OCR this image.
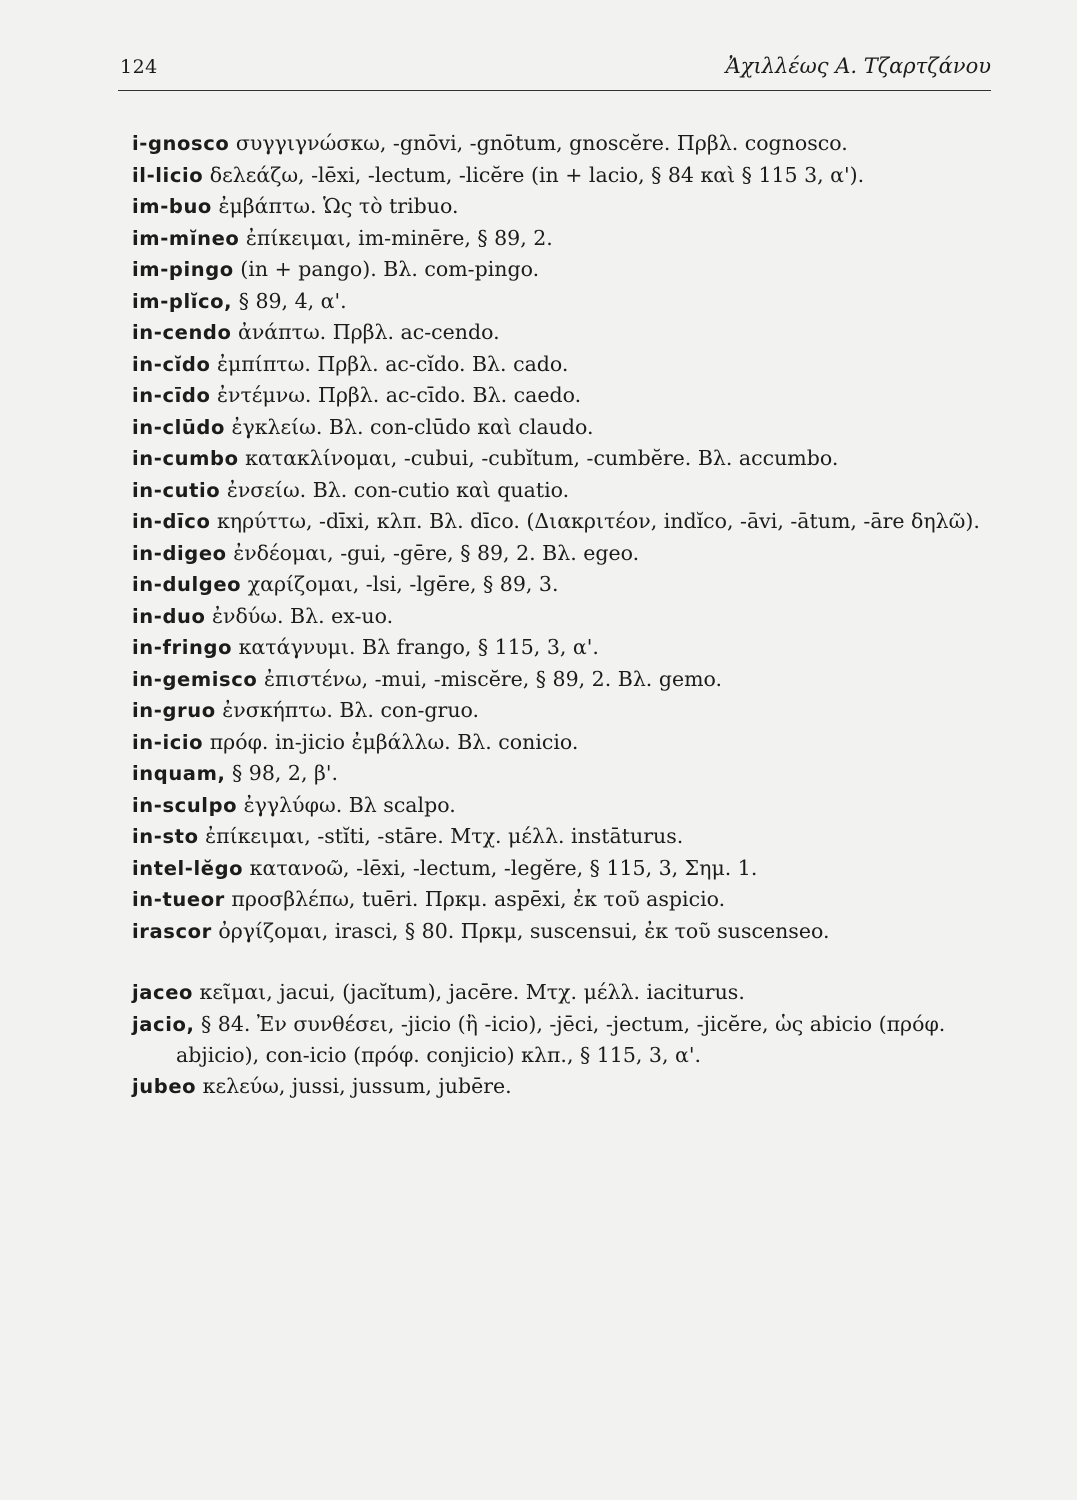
124	Ἀχιλλέως Α. Τζαρτζάνου
i-gnosco συγγιγνώσκω, -gnōvi, -gnōtum, gnoscĕre. Πρβλ. cognosco.
il-licio δελεάζω, -lēxi, -lectum, -licĕre (in + lacio, § 84 καὶ § 115 3, α').
im-buo ἐμβάπτω. Ὡς τὸ tribuo.
im-mĭneo ἐπίκειμαι, im-minēre, § 89, 2.
im-pingo (in + pango). Βλ. com-pingo.
im-plĭco, § 89, 4, α'.
in-cendo ἀνάπτω. Πρβλ. ac-cendo.
in-cĭdo ἐμπίπτω. Πρβλ. ac-cĭdo. Βλ. cado.
in-cīdo ἐντέμνω. Πρβλ. ac-cīdo. Βλ. caedo.
in-clūdo ἐγκλείω. Βλ. con-clūdo καὶ claudo.
in-cumbo κατακλίνομαι, -cubui, -cubĭtum, -cumbĕre. Βλ. accumbo.
in-cutio ἐνσείω. Βλ. con-cutio καὶ quatio.
in-dīco κηρύττω, -dīxi, κλπ. Βλ. dīco. (Διακριτέον, indĭco, -āvi, -ātum, -āre δηλῶ).
in-digeo ἐνδέομαι, -gui, -gēre, § 89, 2. Βλ. egeo.
in-dulgeo χαρίζομαι, -lsi, -lgēre, § 89, 3.
in-duo ἐνδύω. Βλ. ex-uo.
in-fringo κατάγνυμι. Βλ frango, § 115, 3, α'.
in-gemisco ἐπιστένω, -mui, -miscĕre, § 89, 2. Βλ. gemo.
in-gruo ἐνσκήπτω. Βλ. con-gruo.
in-icio πρόφ. in-jicio ἐμβάλλω. Βλ. conicio.
inquam, § 98, 2, β'.
in-sculpo ἐγγλύφω. Βλ scalpo.
in-sto ἐπίκειμαι, -stĭti, -stāre. Μτχ. μέλλ. instāturus.
intel-lĕgo κατανοῶ, -lēxi, -lectum, -legĕre, § 115, 3, Σημ. 1.
in-tueor προσβλέπω, tuēri. Πρκμ. aspēxi, ἐκ τοῦ aspicio.
irascor ὀργίζομαι, irasci, § 80. Πρκμ, suscensui, ἐκ τοῦ suscenseo.
jaceo κεῖμαι, jacui, (jacĭtum), jacēre. Μτχ. μέλλ. iaciturus.
jacio, § 84. Ἐν συνθέσει, -jicio (ἢ -icio), -jēci, -jectum, -jicĕre, ὡς abicio (πρόφ. abjicio), con-icio (πρόφ. conjicio) κλπ., § 115, 3, α'.
jubeo κελεύω, jussi, jussum, jubēre.
